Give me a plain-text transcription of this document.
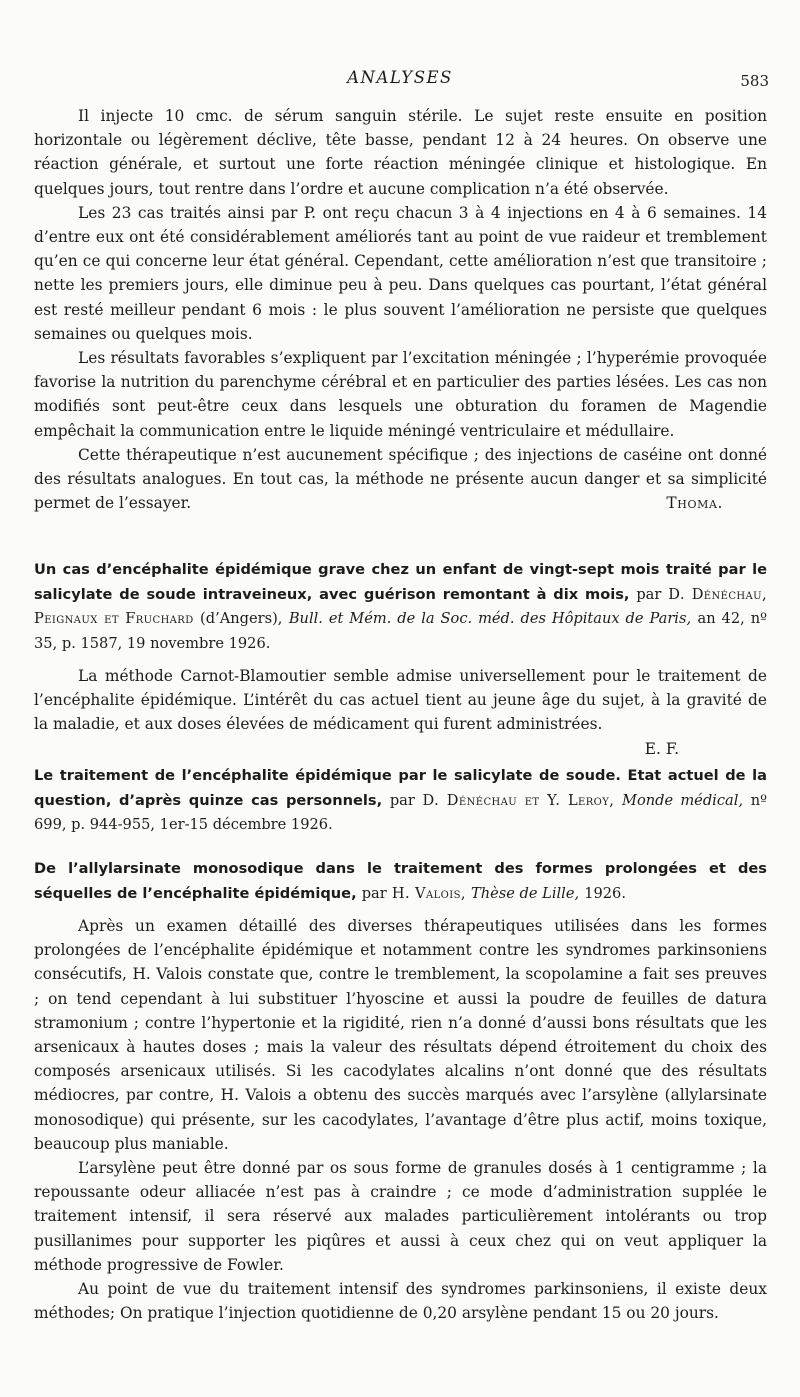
ANALYSES	583

Il injecte 10 cmc. de sérum sanguin stérile. Le sujet reste ensuite en position horizontale ou légèrement déclive, tête basse, pendant 12 à 24 heures. On observe une réaction générale, et surtout une forte réaction méningée clinique et histologique. En quelques jours, tout rentre dans l’ordre et aucune complication n’a été observée.

Les 23 cas traités ainsi par P. ont reçu chacun 3 à 4 injections en 4 à 6 semaines. 14 d’entre eux ont été considérablement améliorés tant au point de vue raideur et tremblement qu’en ce qui concerne leur état général. Cependant, cette amélioration n’est que transitoire ; nette les premiers jours, elle diminue peu à peu. Dans quelques cas pourtant, l’état général est resté meilleur pendant 6 mois : le plus souvent l’amélioration ne persiste que quelques semaines ou quelques mois.

Les résultats favorables s’expliquent par l’excitation méningée ; l’hyperémie provoquée favorise la nutrition du parenchyme cérébral et en particulier des parties lésées. Les cas non modifiés sont peut-être ceux dans lesquels une obturation du foramen de Magendie empêchait la communication entre le liquide méningé ventriculaire et médullaire.

Cette thérapeutique n’est aucunement spécifique ; des injections de caséine ont donné des résultats analogues. En tout cas, la méthode ne présente aucun danger et sa simplicité permet de l’essayer.	Thoma.

Un cas d’encéphalite épidémique grave chez un enfant de vingt-sept mois traité par le salicylate de soude intraveineux, avec guérison remontant à dix mois, par D. Dénéchau, Peignaux et Fruchard (d’Angers), Bull. et Mém. de la Soc. méd. des Hôpitaux de Paris, an 42, nº 35, p. 1587, 19 novembre 1926.

La méthode Carnot-Blamoutier semble admise universellement pour le traitement de l’encéphalite épidémique. L’intérêt du cas actuel tient au jeune âge du sujet, à la gravité de la maladie, et aux doses élevées de médicament qui furent administrées.

E. F.

Le traitement de l’encéphalite épidémique par le salicylate de soude. Etat actuel de la question, d’après quinze cas personnels, par D. Dénéchau et Y. Leroy, Monde médical, nº 699, p. 944-955, 1er-15 décembre 1926.

De l’allylarsinate monosodique dans le traitement des formes prolongées et des séquelles de l’encéphalite épidémique, par H. Valois, Thèse de Lille, 1926.

Après un examen détaillé des diverses thérapeutiques utilisées dans les formes prolongées de l’encéphalite épidémique et notamment contre les syndromes parkinsoniens consécutifs, H. Valois constate que, contre le tremblement, la scopolamine a fait ses preuves ; on tend cependant à lui substituer l’hyoscine et aussi la poudre de feuilles de datura stramonium ; contre l’hypertonie et la rigidité, rien n’a donné d’aussi bons résultats que les arsenicaux à hautes doses ; mais la valeur des résultats dépend étroitement du choix des composés arsenicaux utilisés. Si les cacodylates alcalins n’ont donné que des résultats médiocres, par contre, H. Valois a obtenu des succès marqués avec l’arsylène (allylarsinate monosodique) qui présente, sur les cacodylates, l’avantage d’être plus actif, moins toxique, beaucoup plus maniable.

L’arsylène peut être donné par os sous forme de granules dosés à 1 centigramme ; la repoussante odeur alliacée n’est pas à craindre ; ce mode d’administration supplée le traitement intensif, il sera réservé aux malades particulièrement intolérants ou trop pusillanimes pour supporter les piqûres et aussi à ceux chez qui on veut appliquer la méthode progressive de Fowler.

Au point de vue du traitement intensif des syndromes parkinsoniens, il existe deux méthodes; On pratique l’injection quotidienne de 0,20 arsylène pendant 15 ou 20 jours.
